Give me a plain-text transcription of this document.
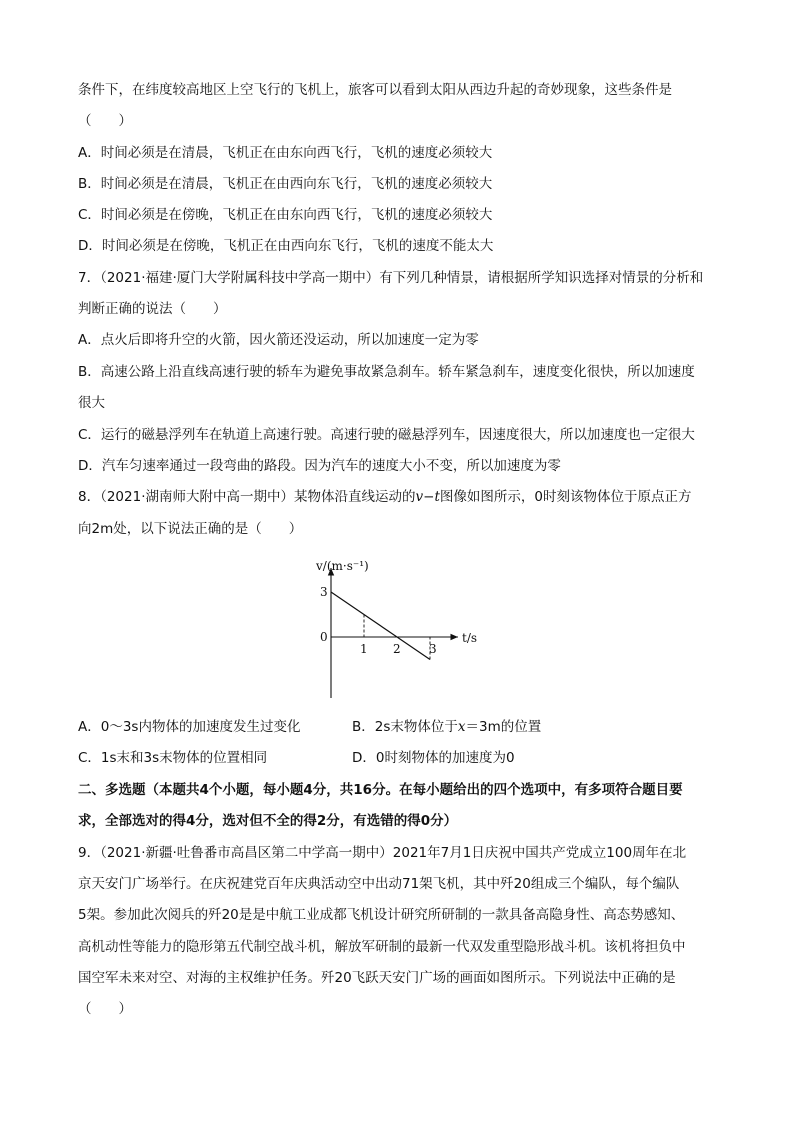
条件下，在纬度较高地区上空飞行的飞机上，旅客可以看到太阳从西边升起的奇妙现象，这些条件是
（　　）
A．时间必须是在清晨，飞机正在由东向西飞行，飞机的速度必须较大
B．时间必须是在清晨，飞机正在由西向东飞行，飞机的速度必须较大
C．时间必须是在傍晚，飞机正在由东向西飞行，飞机的速度必须较大
D．时间必须是在傍晚，飞机正在由西向东飞行，飞机的速度不能太大
7．（2021·福建·厦门大学附属科技中学高一期中）有下列几种情景，请根据所学知识选择对情景的分析和
判断正确的说法（　　）
A．点火后即将升空的火箭，因火箭还没运动，所以加速度一定为零
B．高速公路上沿直线高速行驶的轿车为避免事故紧急刹车。轿车紧急刹车，速度变化很快，所以加速度
很大
C．运行的磁悬浮列车在轨道上高速行驶。高速行驶的磁悬浮列车，因速度很大，所以加速度也一定很大
D．汽车匀速率通过一段弯曲的路段。因为汽车的速度大小不变，所以加速度为零
8．（2021·湖南师大附中高一期中）某物体沿直线运动的v−t图像如图所示，0时刻该物体位于原点正方
向2m处，以下说法正确的是（　　）
v/(m·s⁻¹)
t/s
0
1 2 3
3
A．0～3s内物体的加速度发生过变化	B．2s末物体位于x＝3m的位置
C．1s末和3s末物体的位置相同	D．0时刻物体的加速度为0
二、多选题（本题共4个小题，每小题4分，共16分。在每小题给出的四个选项中，有多项符合题目要
求，全部选对的得4分，选对但不全的得2分，有选错的得0分）
9．（2021·新疆·吐鲁番市高昌区第二中学高一期中）2021年7月1日庆祝中国共产党成立100周年在北
京天安门广场举行。在庆祝建党百年庆典活动空中出动71架飞机，其中歼20组成三个编队，每个编队
5架。参加此次阅兵的歼20是是中航工业成都飞机设计研究所研制的一款具备高隐身性、高态势感知、
高机动性等能力的隐形第五代制空战斗机，解放军研制的最新一代双发重型隐形战斗机。该机将担负中
国空军未来对空、对海的主权维护任务。歼20飞跃天安门广场的画面如图所示。下列说法中正确的是
（　　）
